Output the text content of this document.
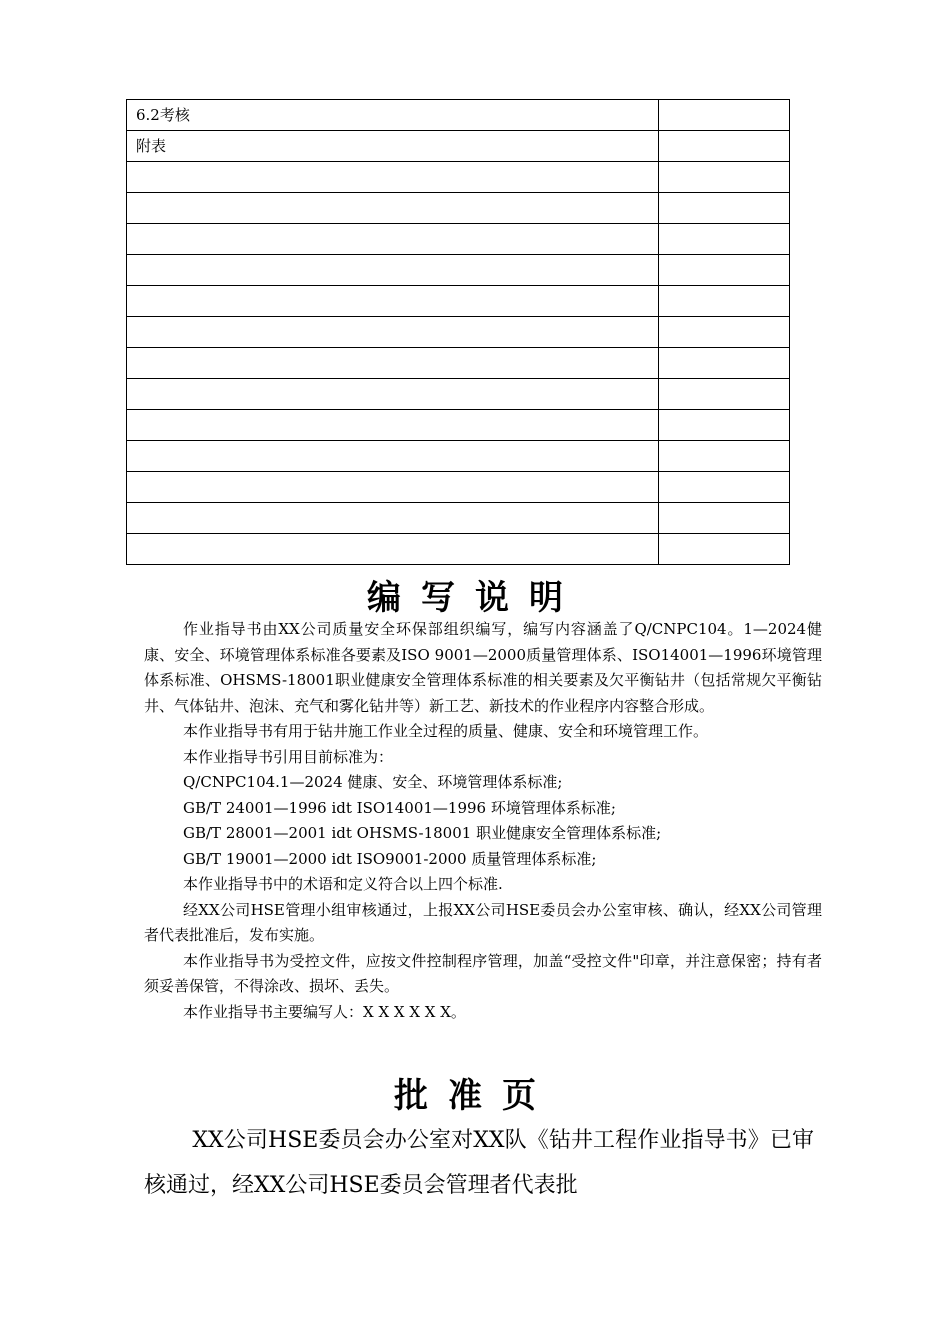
6.2考核	
附表	

编写说明

作业指导书由XX公司质量安全环保部组织编写，编写内容涵盖了Q/CNPC104。1—2024健康、安全、环境管理体系标准各要素及ISO 9001—2000质量管理体系、ISO14001—1996环境管理体系标准、OHSMS-18001职业健康安全管理体系标准的相关要素及欠平衡钻井（包括常规欠平衡钻井、气体钻井、泡沫、充气和雾化钻井等）新工艺、新技术的作业程序内容整合形成。

本作业指导书有用于钻井施工作业全过程的质量、健康、安全和环境管理工作。

本作业指导书引用目前标准为：

Q/CNPC104.1—2024 健康、安全、环境管理体系标准;

GB/T 24001—1996 idt ISO14001—1996 环境管理体系标准;

GB/T 28001—2001 idt OHSMS-18001 职业健康安全管理体系标准;

GB/T 19001—2000 idt ISO9001-2000 质量管理体系标准;

本作业指导书中的术语和定义符合以上四个标准.

经XX公司HSE管理小组审核通过，上报XX公司HSE委员会办公室审核、确认，经XX公司管理者代表批准后，发布实施。

本作业指导书为受控文件，应按文件控制程序管理，加盖“受控文件"印章，并注意保密；持有者须妥善保管，不得涂改、损坏、丢失。

本作业指导书主要编写人：X X X X X X。

批准页

XX公司HSE委员会办公室对XX队《钻井工程作业指导书》已审核通过，经XX公司HSE委员会管理者代表批
